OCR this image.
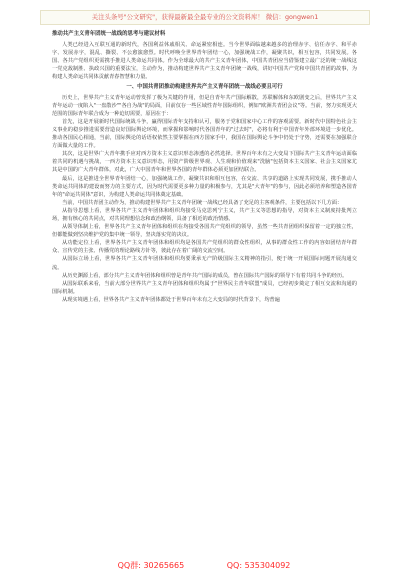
关注头条号"公文研究"，获得最新最全最专业的公文资料库！ 微信：gongwen1
推动共产主义青年团统一战线的思考与建议材料

人类已经进入互联互通的新时代，各国利益休戚相关、命运紧密相连。当今世界面临越来越多的治理赤字、信任赤字、和平赤字、发展赤字，混乱、撕裂、不公愈演愈烈。时代呼唤全世界青年团结一心，加强统战工作，凝聚共识，相互包容，共同发展。各国、各共产党组织更需携手推进人类命运共同体。作为全球最大的共产主义青年团体，中国共青团应当借鉴建立最广泛的统一战线这一党克敌制胜、执政兴国的重要法宝，主动作为，推动构建世界共产主义青年团统一战线，讲好中国共产党和中国共青团的故事，为构建人类命运共同体贡献青春智慧和力量。

一、中国共青团推动构建世界共产主义青年团统一战线必要且可行

历史上，世界共产主义青年运动曾发挥了极为关键的作用，但是自青年共产国际解散，苏联解体和东欧剧变之后，世界共产主义青年运动一度陷入"一盘散沙""各自为战"的局面，目前仅存一些区域性青年国际组织，例如"欧洲共青团会议"等。当前，努力实现更大范围的国际青年联合成为一种迫切需要，原因在于：

首先，这是开展新时代国际统战斗争，赢得国际青年支持和认可，服务于党和国家中心工作的客观需要。新时代中国特色社会主义事业的稳步推进需要营造良好国际舆论环境，而掌握和影响时代各国青年的"过去时"，必将有利于中国青年外部环境进一步优化。推动各国民心相通，当前，国际舆论的话语权依然主要掌握在西方国家手中，我国在国际舆论斗争中仍处于守势，还需要在加强联合方面做大量的工作。

其次，这是世界广大青年携手应对西方资本主义意识形态渗透的必然选择。世界百年未有之大变局下国际共产主义青年运动面临着共同的机遇与挑战，一西方资本主义意识形态，用资产阶级世界观、人生观和价值观来"洗脑"包括资本主义国家、社会主义国家尤其是中国的广大青年群体，对此，广大中国青年和世界各国的青年群体必须更加团结联合。

最后，这是推进全世界青年团结一心，加强统战工作，凝聚共识和相互包容，在交流、共享的道路上实现共同发展，携手推动人类命运共同体的建设而努力的主要方式，因为时代需要更多种力量的积极参与，尤其是"大青年"的参与，因此必须培养和塑造各国青年的"命运共同体"意识，为构建人类命运共同体奠定基础。

当前，中国共青团主动作为，推动构建世界共产主义青年团统一战线已经具备了充足的主客观条件，主要包括以下几方面：

从指导思想上看，世界各共产主义青年团体和组织均接受马克思列宁主义，共产主义等思想的指导，对资本主义制度持批判立场，拥有核心的共同点，对共同理想信念和政治纲领，具备了相近的政治情感。

从领导体制上看，世界各共产主义青年团体和组织在均接受各国共产党组织的领导，虽然一些共青团组织保留着一定的独立性，但都能做到坚决维护党的集中统一领导，坚决落实党的决议。

从功能定位上看，世界各共产主义青年团体和组织均是各国共产党组织的群众性组织，从事的群众性工作的内容如团结青年群众、宣传党的主张、传播党的理论路线方针等，彼此存在着广阔的交流空间。

从国际立场上看，世界各共产主义青年团体和组织均要秉承无产阶级国际主义精神的指引，便于统一开展国际问题开展沟通交流。

从历史渊源上看，部分共产主义青年团体和组织曾是青年共产国际的成员，曾在国际共产国际的领导下有着共同斗争的经历。

从国际联系来看，当前大部分世界共产主义青年团体和组织均属于"世界民主青年联盟"成员，已经初步奠定了相互交流和沟通的国际机制。

从现实境遇上看，世界各共产主义青年团体都处于世界百年未有之大变局的时代背景下，均普遍

QQ群: 30265665	QQ: 535304092
